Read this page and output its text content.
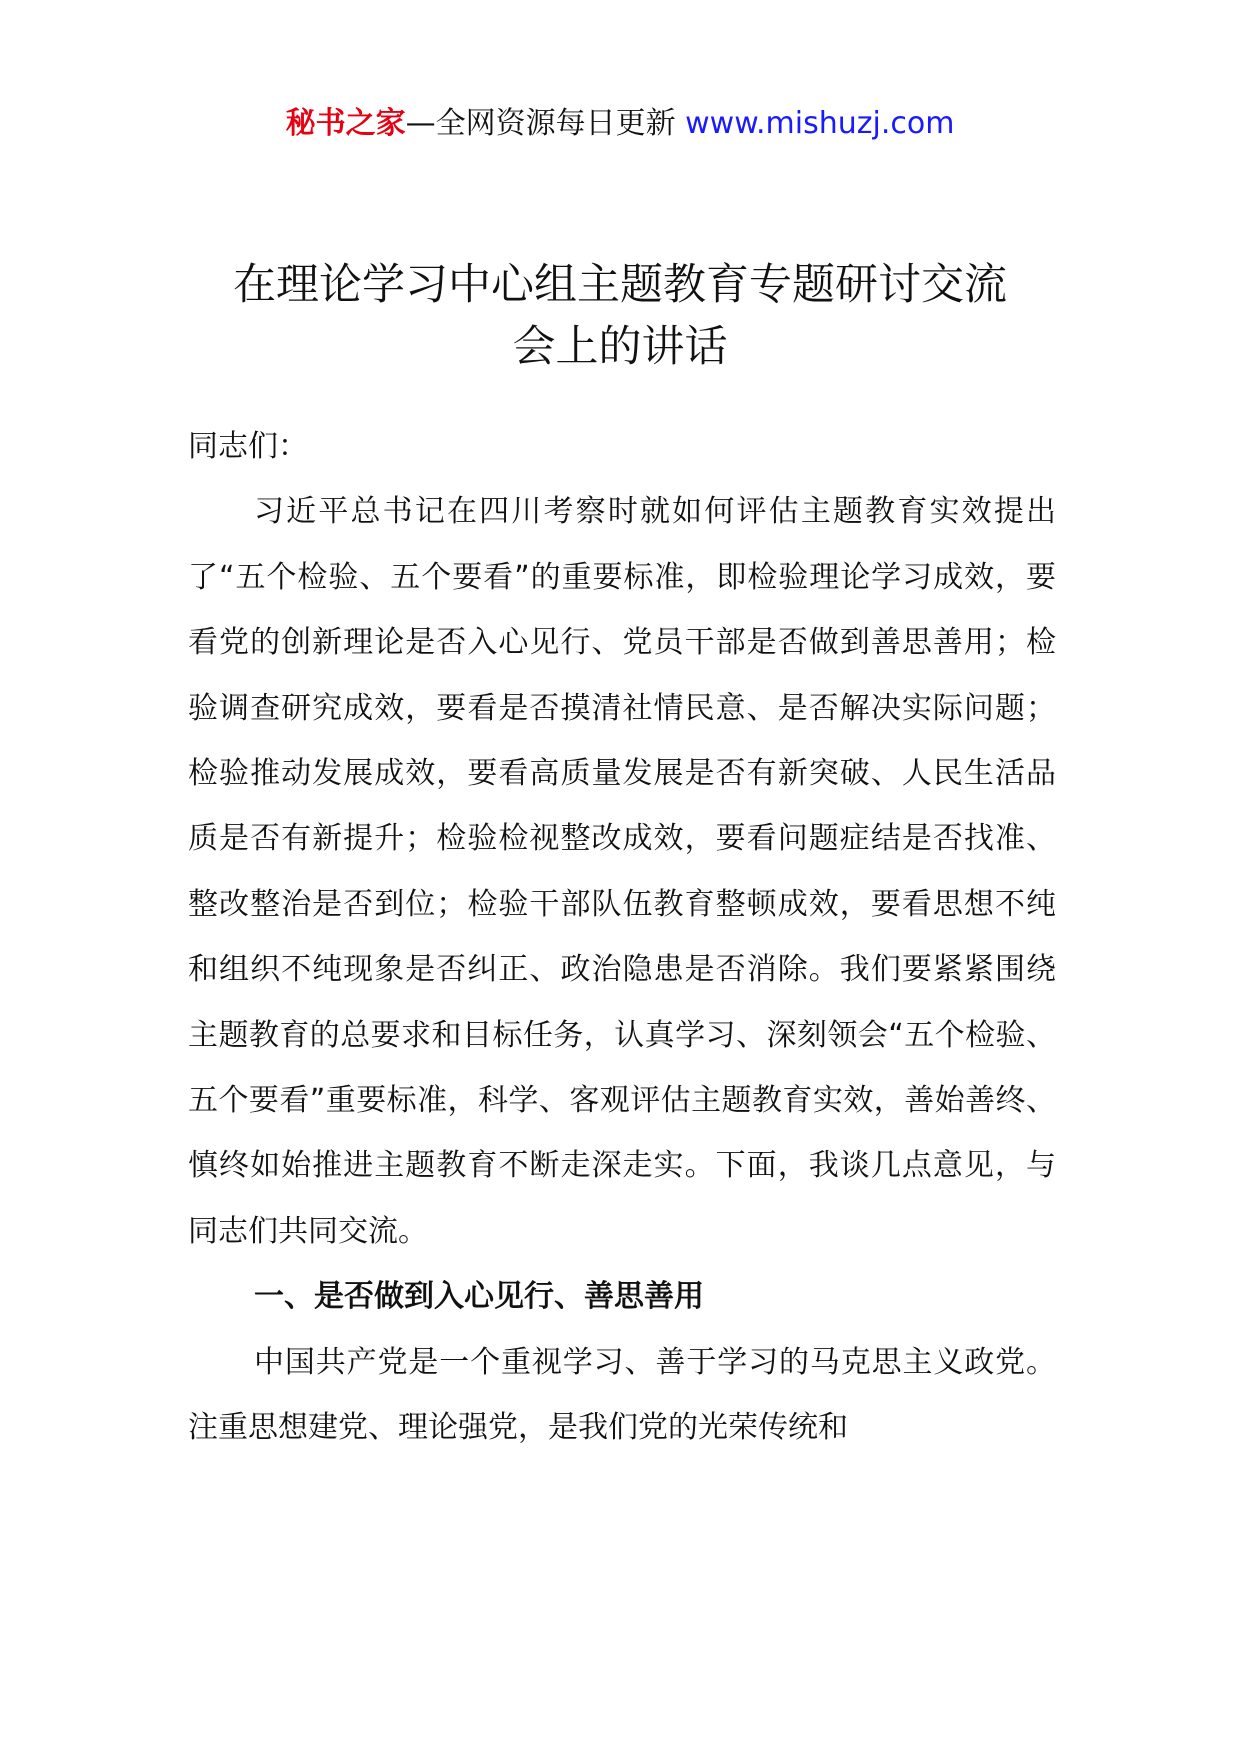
秘书之家—全网资源每日更新 www.mishuzj.com
在理论学习中心组主题教育专题研讨交流
会上的讲话

同志们：

习近平总书记在四川考察时就如何评估主题教育实效提出了“五个检验、五个要看”的重要标准，即检验理论学习成效，要看党的创新理论是否入心见行、党员干部是否做到善思善用；检验调查研究成效，要看是否摸清社情民意、是否解决实际问题；检验推动发展成效，要看高质量发展是否有新突破、人民生活品质是否有新提升；检验检视整改成效，要看问题症结是否找准、整改整治是否到位；检验干部队伍教育整顿成效，要看思想不纯和组织不纯现象是否纠正、政治隐患是否消除。我们要紧紧围绕主题教育的总要求和目标任务，认真学习、深刻领会“五个检验、五个要看”重要标准，科学、客观评估主题教育实效，善始善终、慎终如始推进主题教育不断走深走实。下面，我谈几点意见，与同志们共同交流。

一、是否做到入心见行、善思善用

中国共产党是一个重视学习、善于学习的马克思主义政党。注重思想建党、理论强党，是我们党的光荣传统和
